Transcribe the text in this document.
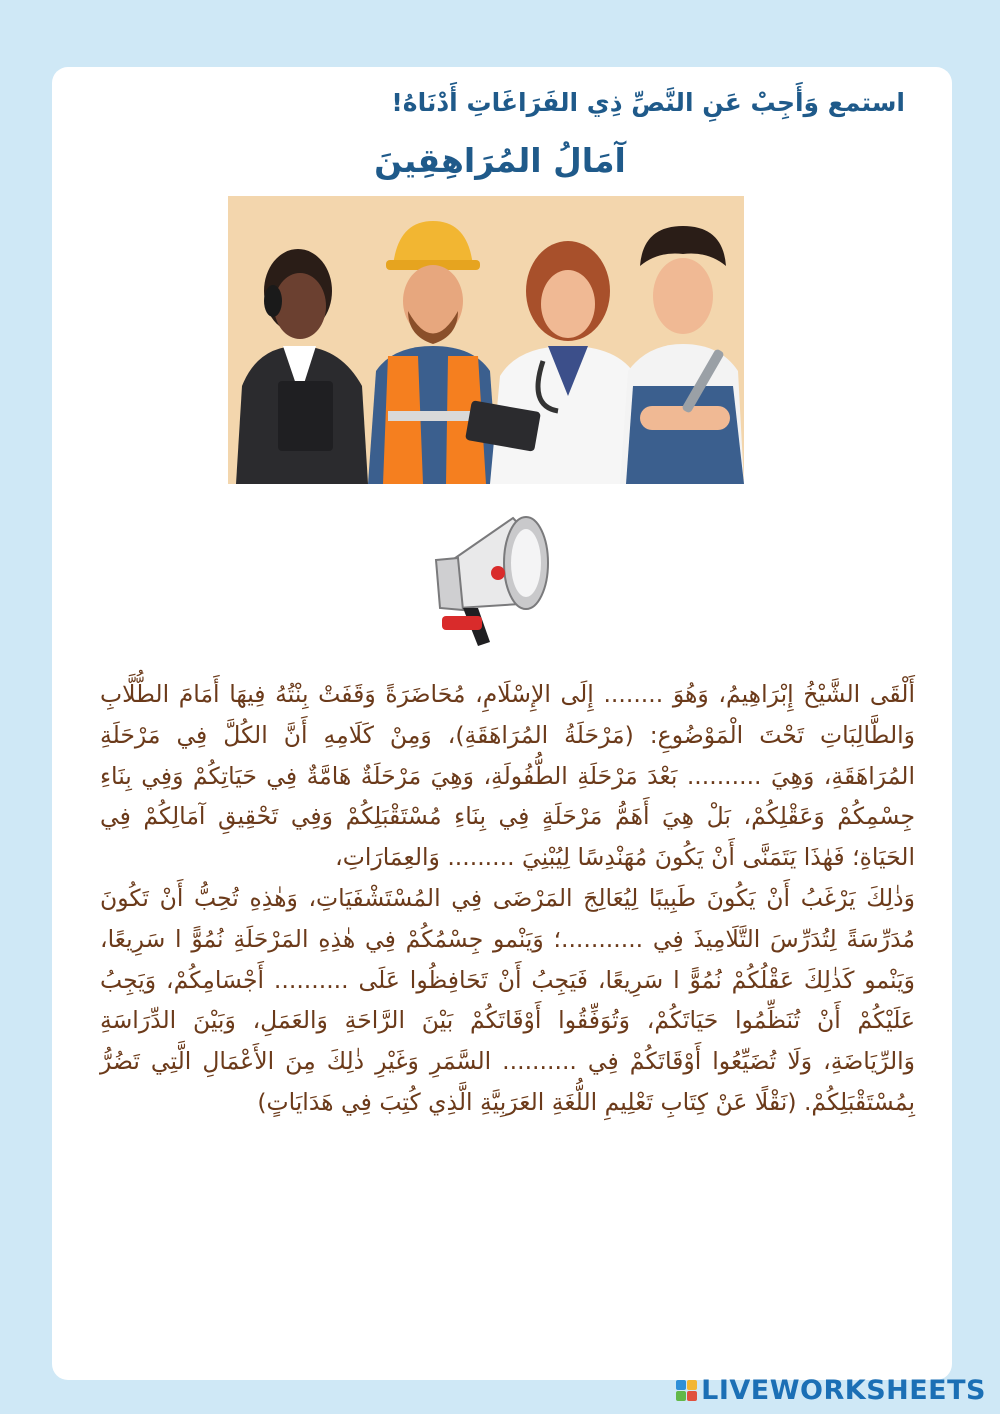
استمع وَأَجِبْ عَنِ النَّصِّ ذِي الفَرَاغَاتِ أَدْنَاهُ!
آمَالُ المُرَاهِقِينَ

أَلْقَى الشَّيْخُ إِبْرَاهِيمُ، وَهُوَ ........ إِلَى الإِسْلَامِ، مُحَاضَرَةً وَقَفَتْ بِنْتُهُ فِيهَا أَمَامَ الطُّلَّابِ وَالطَّالِبَاتِ تَحْتَ الْمَوْضُوعِ: (مَرْحَلَةُ المُرَاهَقَةِ)، وَمِنْ كَلَامِهِ أَنَّ الكُلَّ فِي مَرْحَلَةِ المُرَاهَقَةِ، وَهِيَ .......... بَعْدَ مَرْحَلَةِ الطُّفُولَةِ، وَهِيَ مَرْحَلَةٌ هَامَّةٌ فِي حَيَاتِكُمْ وَفِي بِنَاءِ جِسْمِكُمْ وَعَقْلِكُمْ، بَلْ هِيَ أَهَمُّ مَرْحَلَةٍ فِي بِنَاءِ مُسْتَقْبَلِكُمْ وَفِي تَحْقِيقِ آمَالِكُمْ فِي الحَيَاةِ؛ فَهٰذَا يَتَمَنَّى أَنْ يَكُونَ مُهَنْدِسًا لِيُبْنِيَ ......... وَالعِمَارَاتِ،

وَذٰلِكَ يَرْغَبُ أَنْ يَكُونَ طَبِيبًا لِيُعَالِجَ المَرْضَى فِي المُسْتَشْفَيَاتِ، وَهٰذِهِ تُحِبُّ أَنْ تَكُونَ مُدَرِّسَةً لِتُدَرِّسَ التَّلَامِيذَ فِي ...........؛ وَيَنْمو جِسْمُكُمْ فِي هٰذِهِ المَرْحَلَةِ نُمُوًّ ا سَرِيعًا، وَيَنْمو كَذٰلِكَ عَقْلُكُمْ نُمُوًّ ا سَرِيعًا، فَيَجِبُ أَنْ تَحَافِظُوا عَلَى .......... أَجْسَامِكُمْ، وَيَجِبُ عَلَيْكُمْ أَنْ تُنَظِّمُوا حَيَاتَكُمْ، وَتُوَفِّقُوا أَوْقَاتَكُمْ بَيْنَ الرَّاحَةِ وَالعَمَلِ، وَبَيْنَ الدِّرَاسَةِ وَالرِّيَاضَةِ، وَلَا تُضَيِّعُوا أَوْقَاتَكُمْ فِي .......... السَّمَرِ وَغَيْرِ ذٰلِكَ مِنَ الأَعْمَالِ الَّتِي تَضُرُّ بِمُسْتَقْبَلِكُمْ. (نَقْلًا عَنْ كِتَابِ تَعْلِيمِ اللُّغَةِ العَرَبِيَّةِ الَّذِي كُتِبَ فِي هَدَايَاتٍ)

LIVEWORKSHEETS
